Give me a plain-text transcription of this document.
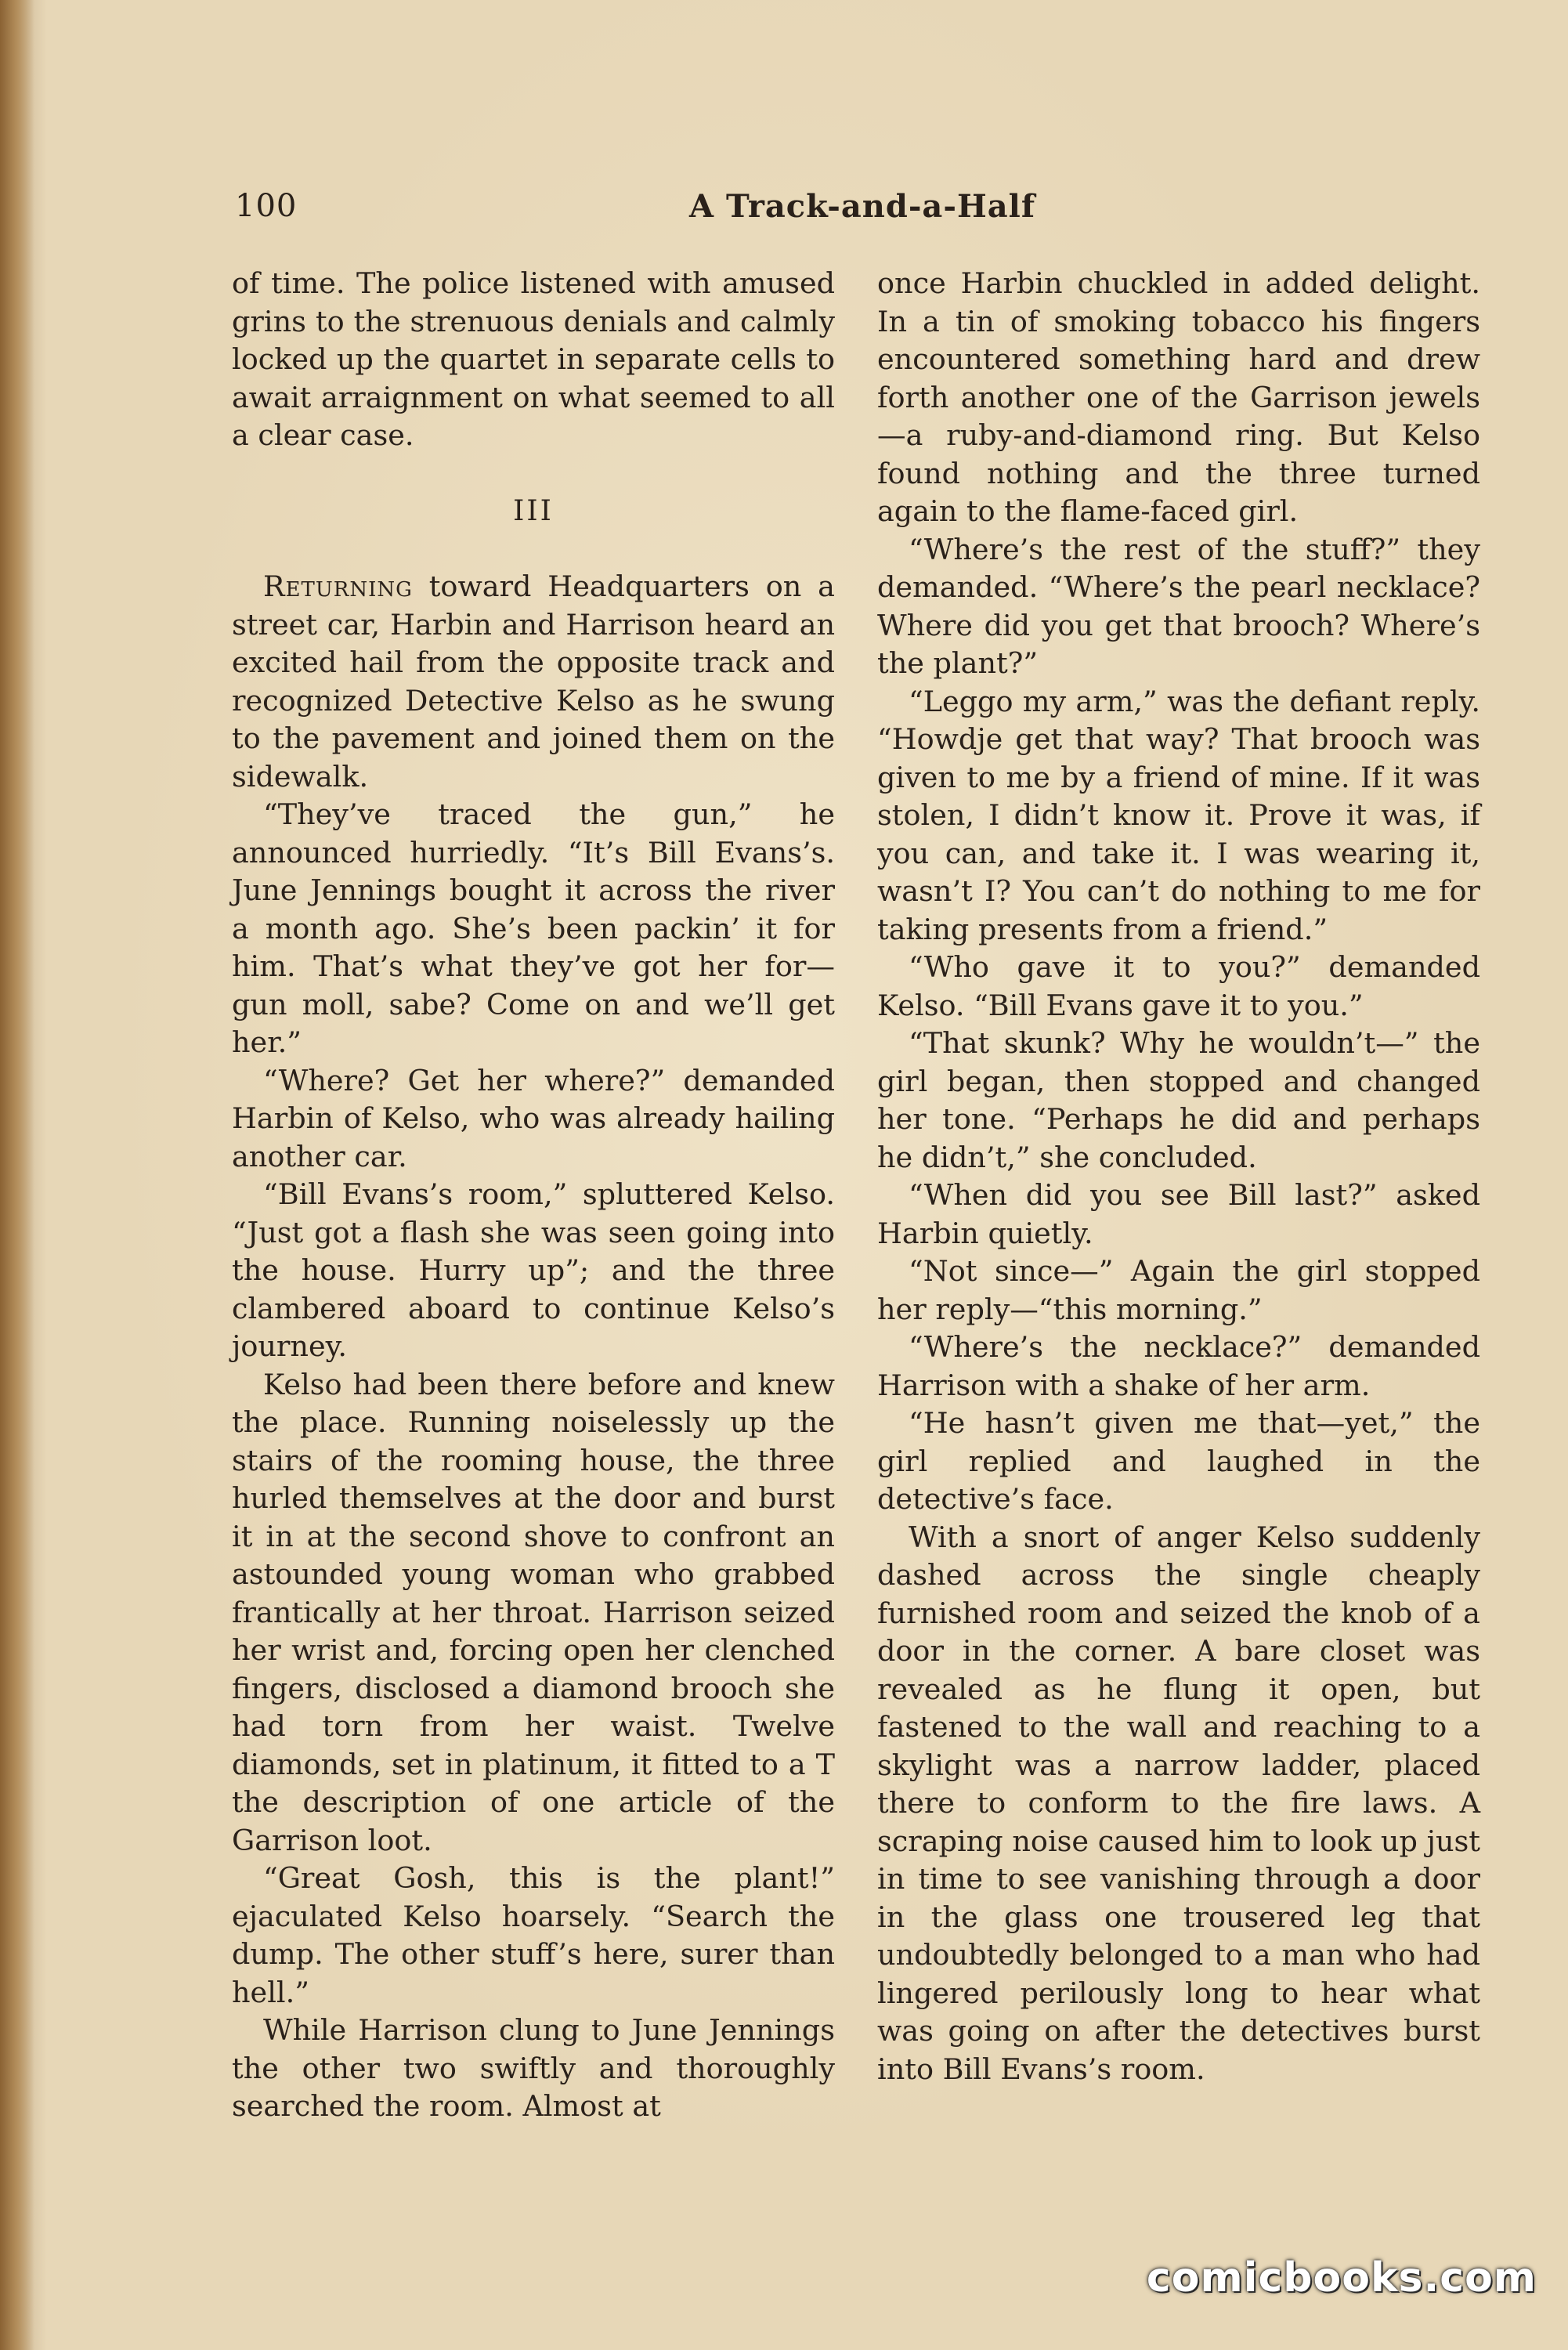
100	A Track-and-a-Half

of time. The police listened with amused grins to the strenuous denials and calmly locked up the quartet in separate cells to await arraignment on what seemed to all a clear case.

III

Returning toward Headquarters on a street car, Harbin and Harrison heard an excited hail from the opposite track and recognized Detective Kelso as he swung to the pavement and joined them on the sidewalk.

“They’ve traced the gun,” he announced hurriedly. “It’s Bill Evans’s. June Jennings bought it across the river a month ago. She’s been packin’ it for him. That’s what they’ve got her for—gun moll, sabe? Come on and we’ll get her.”

“Where? Get her where?” demanded Harbin of Kelso, who was already hailing another car.

“Bill Evans’s room,” spluttered Kelso. “Just got a flash she was seen going into the house. Hurry up”; and the three clambered aboard to continue Kelso’s journey.

Kelso had been there before and knew the place. Running noiselessly up the stairs of the rooming house, the three hurled themselves at the door and burst it in at the second shove to confront an astounded young woman who grabbed frantically at her throat. Harrison seized her wrist and, forcing open her clenched fingers, disclosed a diamond brooch she had torn from her waist. Twelve diamonds, set in platinum, it fitted to a T the description of one article of the Garrison loot.

“Great Gosh, this is the plant!” ejaculated Kelso hoarsely. “Search the dump. The other stuff’s here, surer than hell.”

While Harrison clung to June Jennings the other two swiftly and thoroughly searched the room. Almost at

once Harbin chuckled in added delight. In a tin of smoking tobacco his fingers encountered something hard and drew forth another one of the Garrison jewels—a ruby-and-diamond ring. But Kelso found nothing and the three turned again to the flame-faced girl.

“Where’s the rest of the stuff?” they demanded. “Where’s the pearl necklace? Where did you get that brooch? Where’s the plant?”

“Leggo my arm,” was the defiant reply. “Howdje get that way? That brooch was given to me by a friend of mine. If it was stolen, I didn’t know it. Prove it was, if you can, and take it. I was wearing it, wasn’t I? You can’t do nothing to me for taking presents from a friend.”

“Who gave it to you?” demanded Kelso. “Bill Evans gave it to you.”

“That skunk? Why he wouldn’t—” the girl began, then stopped and changed her tone. “Perhaps he did and perhaps he didn’t,” she concluded.

“When did you see Bill last?” asked Harbin quietly.

“Not since—” Again the girl stopped her reply—“this morning.”

“Where’s the necklace?” demanded Harrison with a shake of her arm.

“He hasn’t given me that—yet,” the girl replied and laughed in the detective’s face.

With a snort of anger Kelso suddenly dashed across the single cheaply furnished room and seized the knob of a door in the corner. A bare closet was revealed as he flung it open, but fastened to the wall and reaching to a skylight was a narrow ladder, placed there to conform to the fire laws. A scraping noise caused him to look up just in time to see vanishing through a door in the glass one trousered leg that undoubtedly belonged to a man who had lingered perilously long to hear what was going on after the detectives burst into Bill Evans’s room.

comicbooks.com
